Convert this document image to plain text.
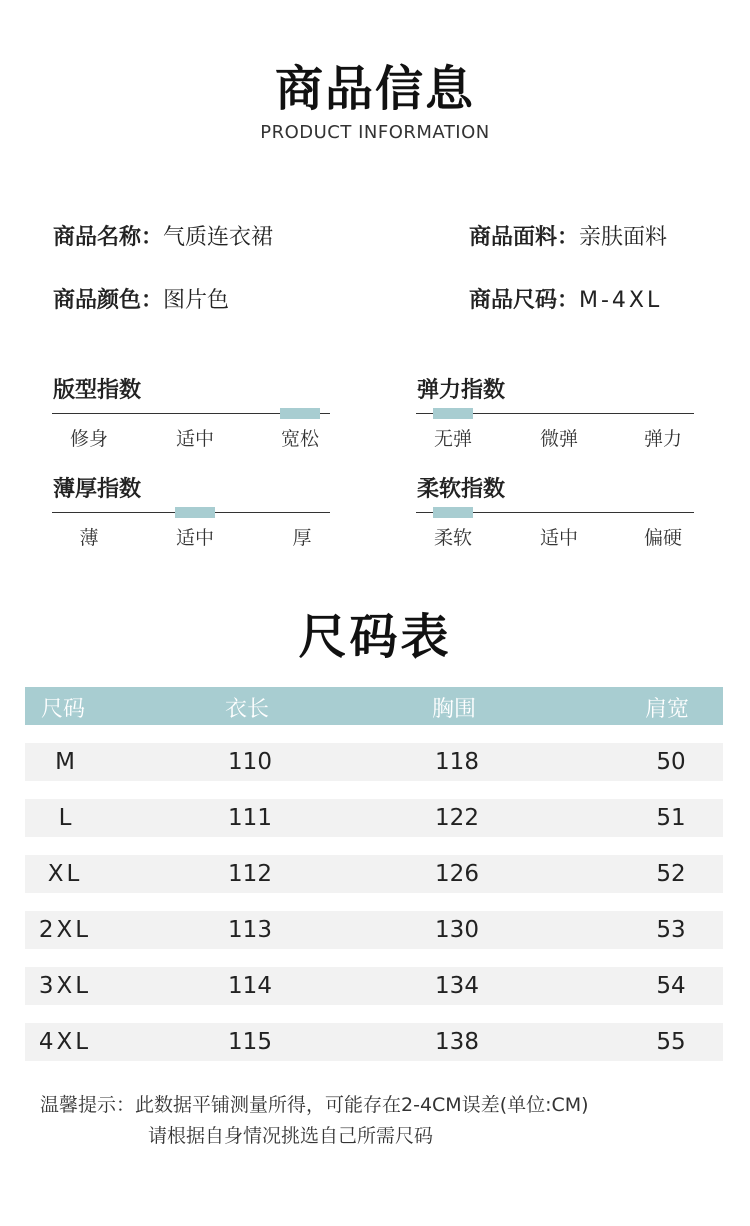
商品信息
PRODUCT INFORMATION
商品名称：气质连衣裙	商品面料：亲肤面料
商品颜色：图片色	商品尺码：M-4XL
版型指数
修身	适中	宽松
弹力指数
无弹	微弹	弹力
薄厚指数
薄	适中	厚
柔软指数
柔软	适中	偏硬
尺码表
尺码	衣长	胸围	肩宽
M	110	118	50
L	111	122	51
XL	112	126	52
2XL	113	130	53
3XL	114	134	54
4XL	115	138	55
温馨提示：此数据平铺测量所得，可能存在2-4CM误差(单位:CM)
请根据自身情况挑选自己所需尺码
